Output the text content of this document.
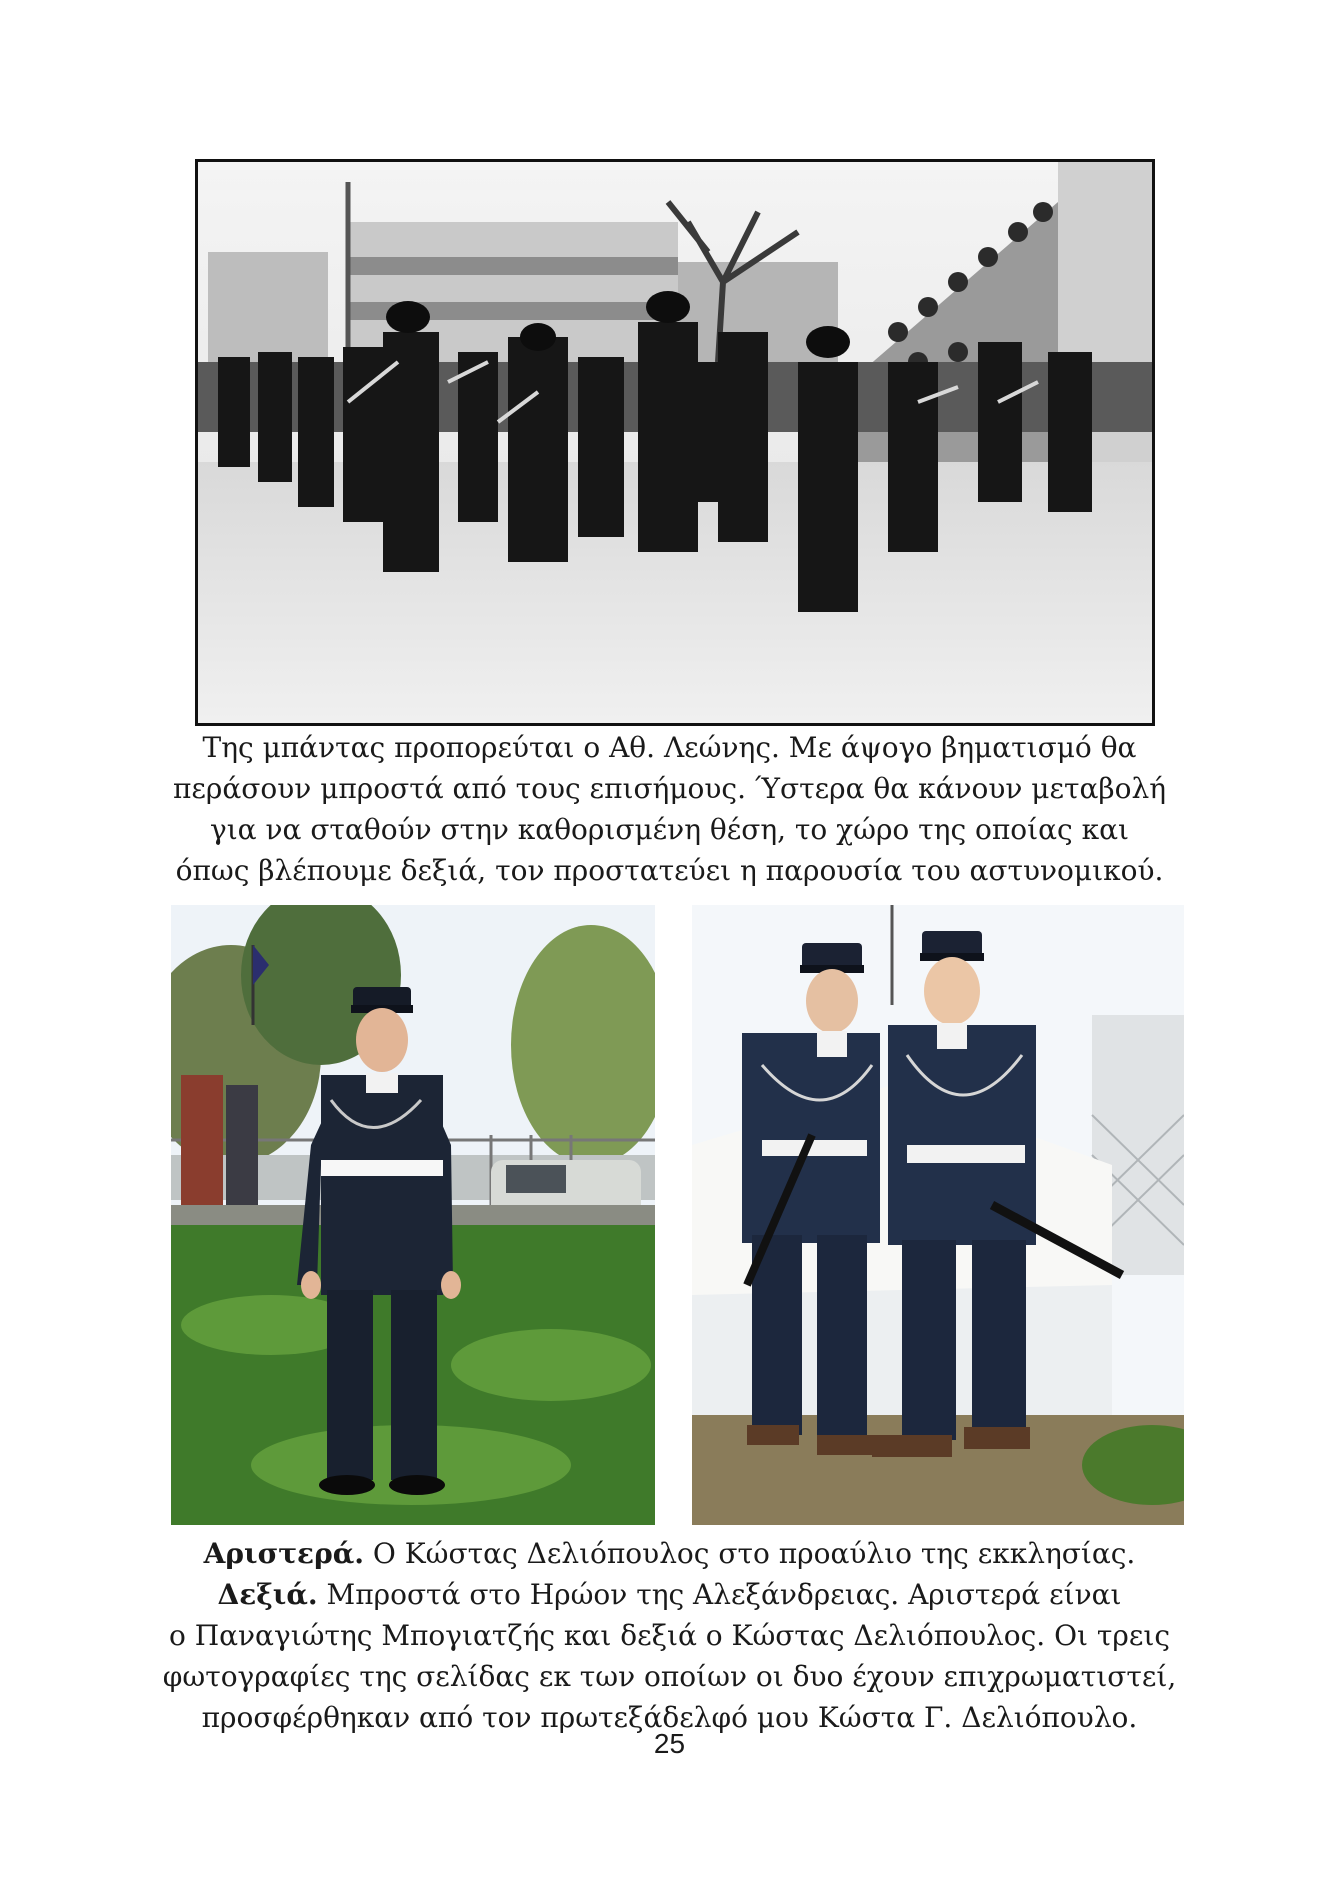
Της μπάντας προπορεύται ο Αθ. Λεώνης. Με άψογο βηματισμό θα
περάσουν μπροστά από τους επισήμους. Ύστερα θα κάνουν μεταβολή
για να σταθούν στην καθορισμένη θέση, το χώρο της οποίας και
όπως βλέπουμε δεξιά, τον προστατεύει η παρουσία του αστυνομικού.
Αριστερά. Ο Κώστας Δελιόπουλος στο προαύλιο της εκκλησίας.
Δεξιά. Μπροστά στο Ηρώον της Αλεξάνδρειας. Αριστερά είναι
ο Παναγιώτης Μπογιατζής και δεξιά ο Κώστας Δελιόπουλος. Οι τρεις
φωτογραφίες της σελίδας εκ των οποίων οι δυο έχουν επιχρωματιστεί,
προσφέρθηκαν από τον πρωτεξάδελφό μου Κώστα Γ. Δελιόπουλο.
25
